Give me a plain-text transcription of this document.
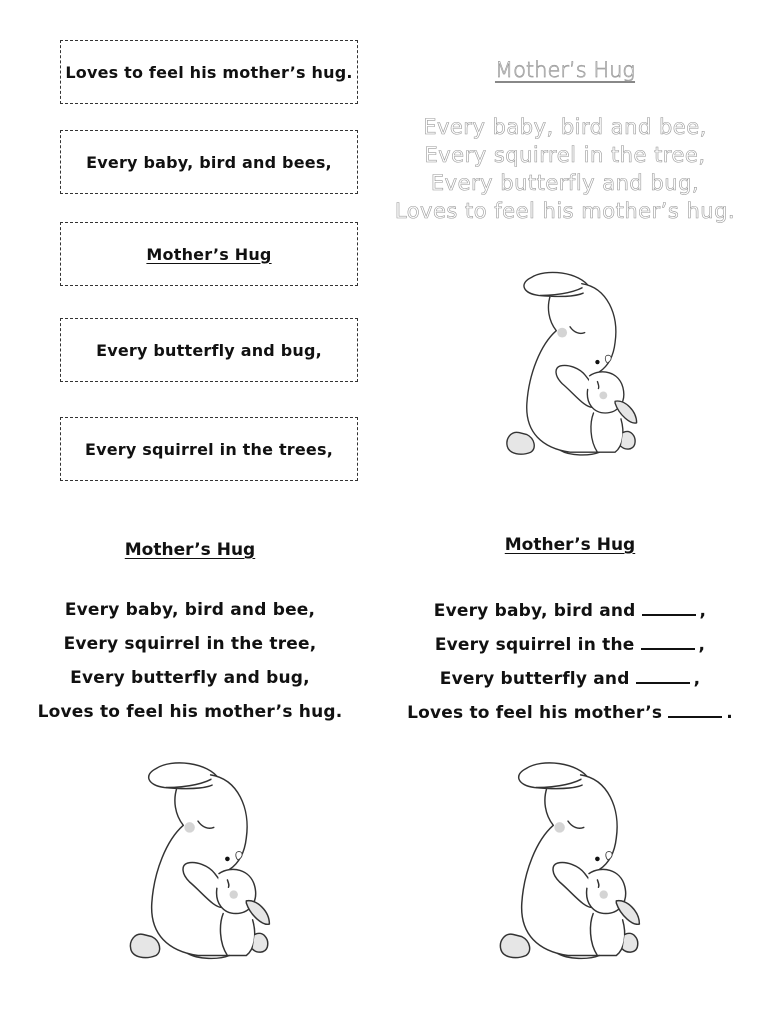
Loves to feel his mother’s hug.
Every baby, bird and bees,
Mother’s Hug
Every butterfly and bug,
Every squirrel in the trees,
Mother’s Hug
Every baby, bird and bee,
Every squirrel in the tree,
Every butterfly and bug,
Loves to feel his mother’s hug.
Mother’s Hug
Every baby, bird and bee,
Every squirrel in the tree,
Every butterfly and bug,
Loves to feel his mother’s hug.
Mother’s Hug
Every baby, bird and	,
Every squirrel in the	,
Every butterfly and	,
Loves to feel his mother’s	.
